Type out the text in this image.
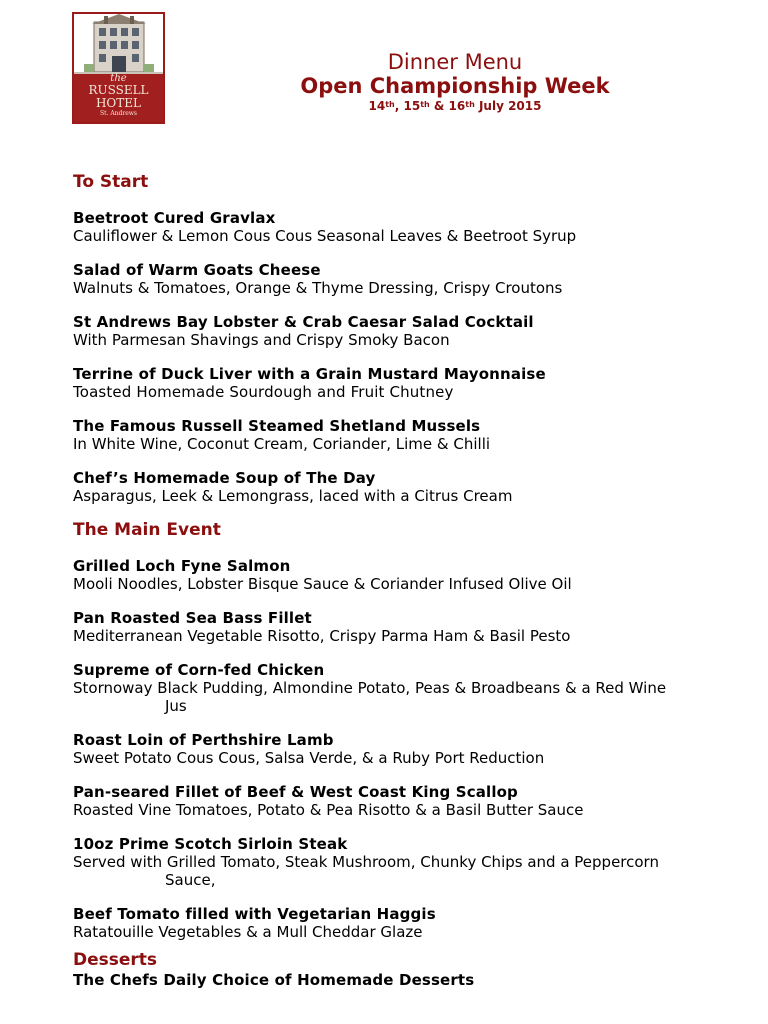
the
RUSSELL
HOTEL
St. Andrews
Dinner Menu
Open Championship Week
14th, 15th & 16th July 2015
To Start
Beetroot Cured Gravlax
Cauliflower & Lemon Cous Cous Seasonal Leaves & Beetroot Syrup
Salad of Warm Goats Cheese
Walnuts & Tomatoes, Orange & Thyme Dressing, Crispy Croutons
St Andrews Bay Lobster & Crab Caesar Salad Cocktail
With Parmesan Shavings and Crispy Smoky Bacon
Terrine of Duck Liver with a Grain Mustard Mayonnaise
Toasted Homemade Sourdough and Fruit Chutney
The Famous Russell Steamed Shetland Mussels
In White Wine, Coconut Cream, Coriander, Lime & Chilli
Chef’s Homemade Soup of The Day
Asparagus, Leek & Lemongrass, laced with a Citrus Cream
The Main Event
Grilled Loch Fyne Salmon
Mooli Noodles, Lobster Bisque Sauce & Coriander Infused Olive Oil
Pan Roasted Sea Bass Fillet
Mediterranean Vegetable Risotto, Crispy Parma Ham & Basil Pesto
Supreme of Corn-fed Chicken
Stornoway Black Pudding, Almondine Potato, Peas & Broadbeans & a Red Wine
Jus
Roast Loin of Perthshire Lamb
Sweet Potato Cous Cous, Salsa Verde, & a Ruby Port Reduction
Pan-seared Fillet of Beef & West Coast King Scallop
Roasted Vine Tomatoes, Potato & Pea Risotto & a Basil Butter Sauce
10oz Prime Scotch Sirloin Steak
Served with Grilled Tomato, Steak Mushroom, Chunky Chips and a Peppercorn
Sauce,
Beef Tomato filled with Vegetarian Haggis
Ratatouille Vegetables & a Mull Cheddar Glaze
Desserts
The Chefs Daily Choice of Homemade Desserts
